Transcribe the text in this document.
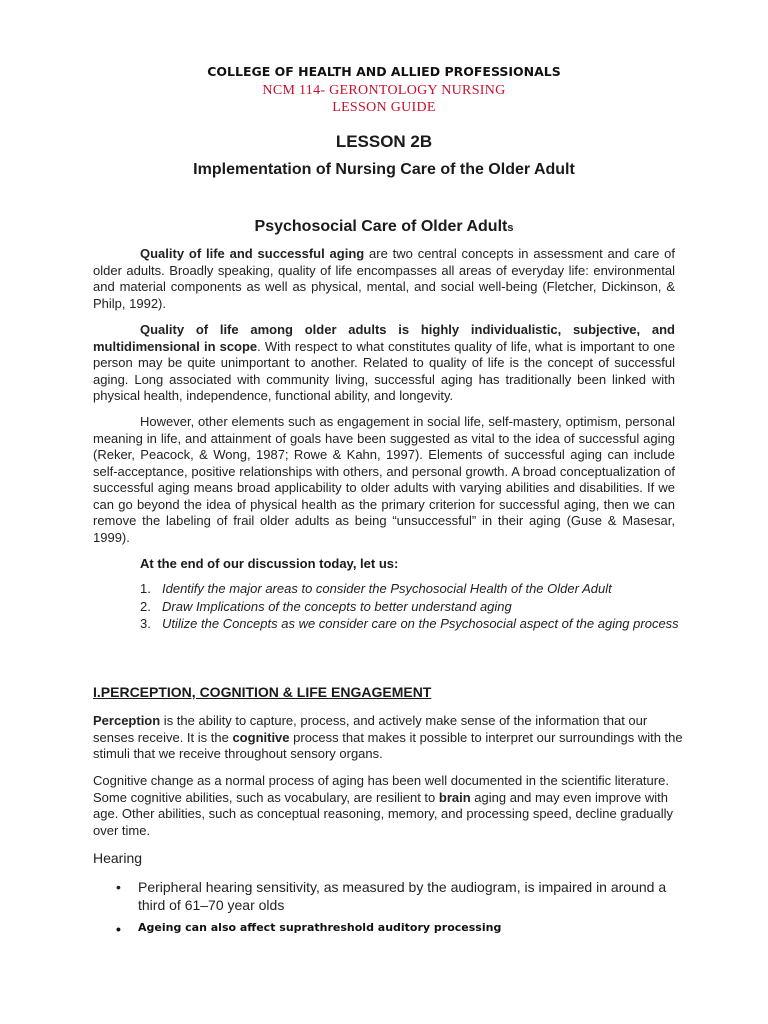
COLLEGE OF HEALTH AND ALLIED PROFESSIONALS
NCM 114- GERONTOLOGY NURSING
LESSON GUIDE
LESSON 2B
Implementation of Nursing Care of the Older Adult
Psychosocial Care of Older Adults
Quality of life and successful aging are two central concepts in assessment and care of older adults. Broadly speaking, quality of life encompasses all areas of everyday life: environmental and material components as well as physical, mental, and social well-being (Fletcher, Dickinson, & Philp, 1992).
Quality of life among older adults is highly individualistic, subjective, and multidimensional in scope. With respect to what constitutes quality of life, what is important to one person may be quite unimportant to another. Related to quality of life is the concept of successful aging. Long associated with community living, successful aging has traditionally been linked with physical health, independence, functional ability, and longevity.
However, other elements such as engagement in social life, self-mastery, optimism, personal meaning in life, and attainment of goals have been suggested as vital to the idea of successful aging (Reker, Peacock, & Wong, 1987; Rowe & Kahn, 1997). Elements of successful aging can include self-acceptance, positive relationships with others, and personal growth. A broad conceptualization of successful aging means broad applicability to older adults with varying abilities and disabilities. If we can go beyond the idea of physical health as the primary criterion for successful aging, then we can remove the labeling of frail older adults as being “unsuccessful” in their aging (Guse & Masesar, 1999).
At the end of our discussion today, let us:
1. Identify the major areas to consider the Psychosocial Health of the Older Adult
2. Draw Implications of the concepts to better understand aging
3. Utilize the Concepts as we consider care on the Psychosocial aspect of the aging process
I.PERCEPTION, COGNITION & LIFE ENGAGEMENT
Perception is the ability to capture, process, and actively make sense of the information that our senses receive. It is the cognitive process that makes it possible to interpret our surroundings with the stimuli that we receive throughout sensory organs.
Cognitive change as a normal process of aging has been well documented in the scientific literature. Some cognitive abilities, such as vocabulary, are resilient to brain aging and may even improve with age. Other abilities, such as conceptual reasoning, memory, and processing speed, decline gradually over time.
Hearing
• Peripheral hearing sensitivity, as measured by the audiogram, is impaired in around a third of 61–70 year olds
• Ageing can also affect suprathreshold auditory processing
